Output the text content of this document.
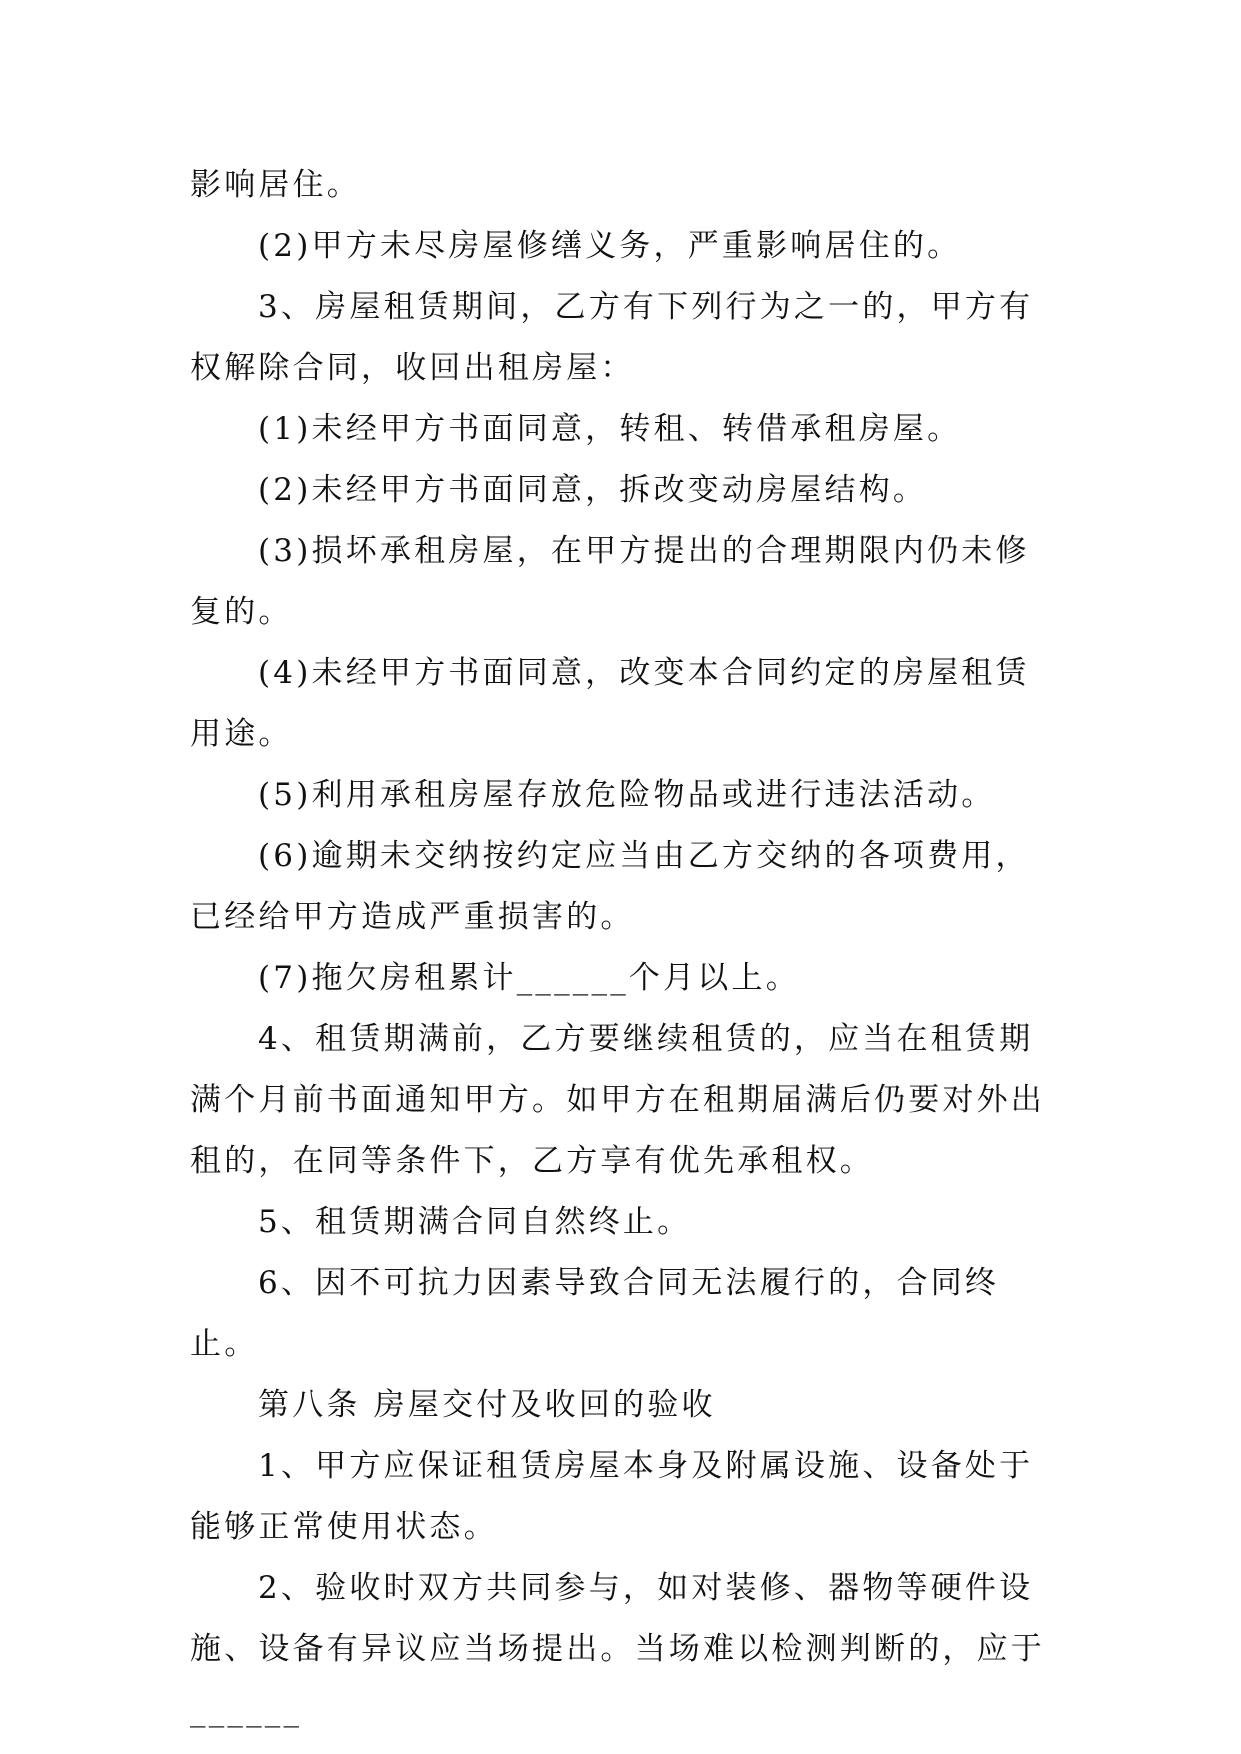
影响居住。

(2)甲方未尽房屋修缮义务，严重影响居住的。

3、房屋租赁期间，乙方有下列行为之一的，甲方有权解除合同，收回出租房屋：

(1)未经甲方书面同意，转租、转借承租房屋。

(2)未经甲方书面同意，拆改变动房屋结构。

(3)损坏承租房屋，在甲方提出的合理期限内仍未修复的。

(4)未经甲方书面同意，改变本合同约定的房屋租赁用途。

(5)利用承租房屋存放危险物品或进行违法活动。

(6)逾期未交纳按约定应当由乙方交纳的各项费用，已经给甲方造成严重损害的。

(7)拖欠房租累计______个月以上。

4、租赁期满前，乙方要继续租赁的，应当在租赁期满个月前书面通知甲方。如甲方在租期届满后仍要对外出租的，在同等条件下，乙方享有优先承租权。

5、租赁期满合同自然终止。

6、因不可抗力因素导致合同无法履行的，合同终止。

第八条 房屋交付及收回的验收

1、甲方应保证租赁房屋本身及附属设施、设备处于能够正常使用状态。

2、验收时双方共同参与，如对装修、器物等硬件设施、设备有异议应当场提出。当场难以检测判断的，应于______
